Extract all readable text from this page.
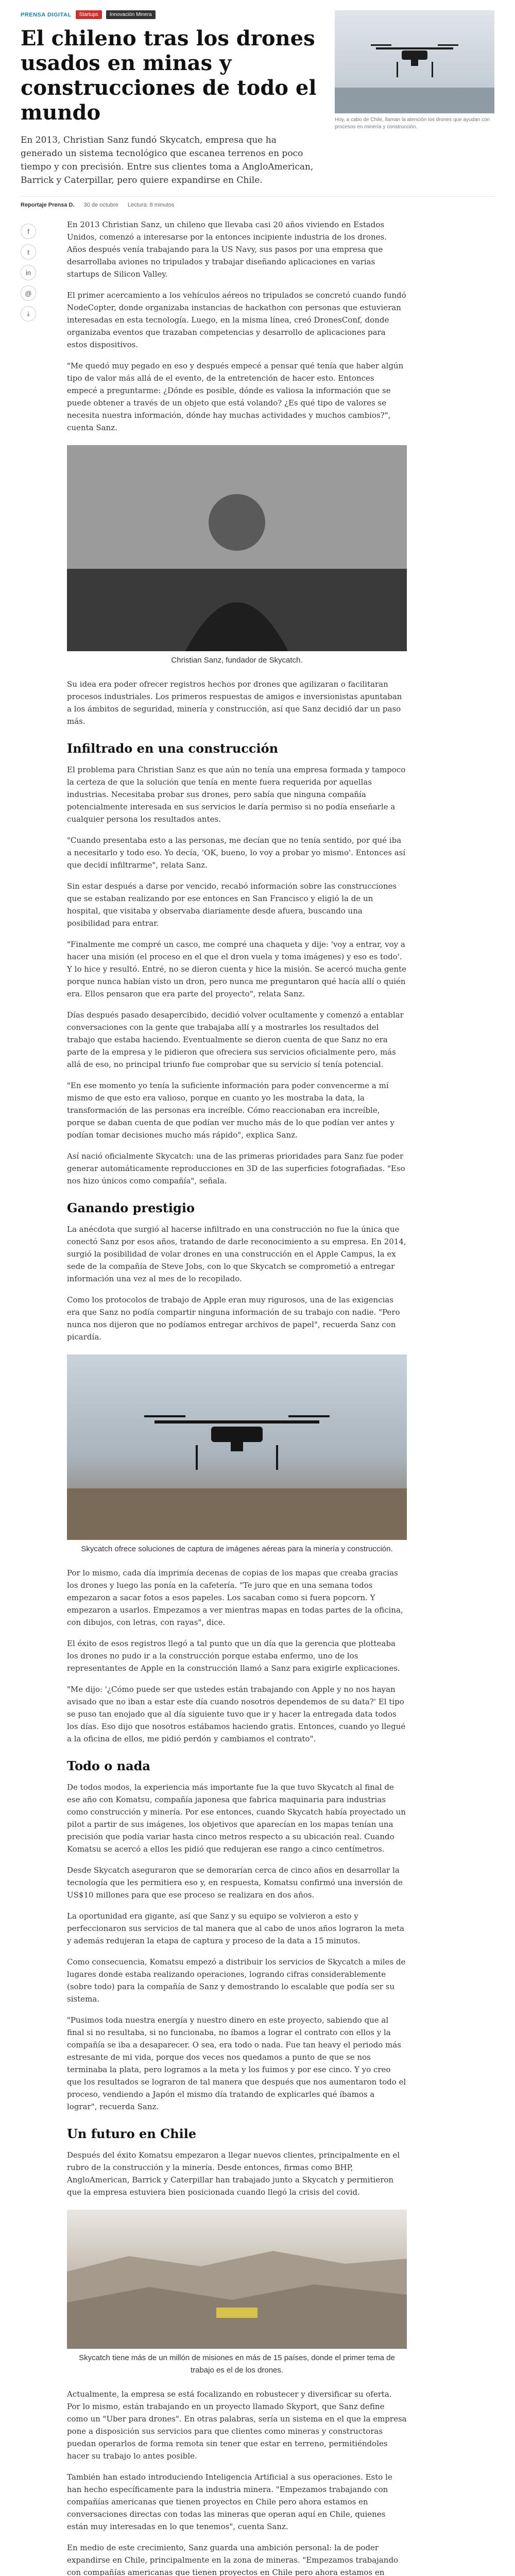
PRENSA DIGITAL	Startups	Innovación Minera
El chileno tras los drones usados en minas y construcciones de todo el mundo

En 2013, Christian Sanz fundó Skycatch, empresa que ha generado un sistema tecnológico que escanea terrenos en poco tiempo y con precisión. Entre sus clientes toma a AngloAmerican, Barrick y Caterpillar, pero quiere expandirse en Chile.

Hoy, a cabo de Chile, llaman la atención los drones que ayudan con procesos en minería y construcción.

Reportaje Prensa D. 30 de octubre Lectura: 8 minutos
f
t
in
@
⤓

En 2013 Christian Sanz, un chileno que llevaba casi 20 años viviendo en Estados Unidos, comenzó a interesarse por la entonces incipiente industria de los drones. Años después venía trabajando para la US Navy, sus pasos por una empresa que desarrollaba aviones no tripulados y trabajar diseñando aplicaciones en varias startups de Silicon Valley.

El primer acercamiento a los vehículos aéreos no tripulados se concretó cuando fundó NodeCopter, donde organizaba instancias de hackathon con personas que estuvieran interesadas en esta tecnología. Luego, en la misma línea, creó DronesConf, donde organizaba eventos que trazaban competencias y desarrollo de aplicaciones para estos dispositivos.

"Me quedó muy pegado en eso y después empecé a pensar qué tenía que haber algún tipo de valor más allá de el evento, de la entretención de hacer esto. Entonces empecé a preguntarme: ¿Dónde es posible, dónde es valiosa la información que se puede obtener a través de un objeto que está volando? ¿Es qué tipo de valores se necesita nuestra información, dónde hay muchas actividades y muchos cambios?", cuenta Sanz.

Christian Sanz, fundador de Skycatch.

Su idea era poder ofrecer registros hechos por drones que agilizaran o facilitaran procesos industriales. Los primeros respuestas de amigos e inversionistas apuntaban a los ámbitos de seguridad, minería y construcción, así que Sanz decidió dar un paso más.

Infiltrado en una construcción

El problema para Christian Sanz es que aún no tenía una empresa formada y tampoco la certeza de que la solución que tenía en mente fuera requerida por aquellas industrias. Necesitaba probar sus drones, pero sabía que ninguna compañía potencialmente interesada en sus servicios le daría permiso si no podía enseñarle a cualquier persona los resultados antes.

"Cuando presentaba esto a las personas, me decían que no tenía sentido, por qué iba a necesitarlo y todo eso. Yo decía, 'OK, bueno, lo voy a probar yo mismo'. Entonces así que decidí infiltrarme", relata Sanz.

Sin estar después a darse por vencido, recabó información sobre las construcciones que se estaban realizando por ese entonces en San Francisco y eligió la de un hospital, que visitaba y observaba diariamente desde afuera, buscando una posibilidad para entrar.

"Finalmente me compré un casco, me compré una chaqueta y dije: 'voy a entrar, voy a hacer una misión (el proceso en el que el dron vuela y toma imágenes) y eso es todo'. Y lo hice y resultó. Entré, no se dieron cuenta y hice la misión. Se acercó mucha gente porque nunca habían visto un dron, pero nunca me preguntaron qué hacía allí o quién era. Ellos pensaron que era parte del proyecto", relata Sanz.

Días después pasado desapercibido, decidió volver ocultamente y comenzó a entablar conversaciones con la gente que trabajaba allí y a mostrarles los resultados del trabajo que estaba haciendo. Eventualmente se dieron cuenta de que Sanz no era parte de la empresa y le pidieron que ofreciera sus servicios oficialmente pero, más allá de eso, no principal triunfo fue comprobar que su servicio sí tenía potencial.

"En ese momento yo tenía la suficiente información para poder convencerme a mí mismo de que esto era valioso, porque en cuanto yo les mostraba la data, la transformación de las personas era increíble. Cómo reaccionaban era increíble, porque se daban cuenta de que podían ver mucho más de lo que podían ver antes y podían tomar decisiones mucho más rápido", explica Sanz.

Así nació oficialmente Skycatch: una de las primeras prioridades para Sanz fue poder generar automáticamente reproducciones en 3D de las superficies fotografiadas. "Eso nos hizo únicos como compañía", señala.

Ganando prestigio

La anécdota que surgió al hacerse infiltrado en una construcción no fue la única que conectó Sanz por esos años, tratando de darle reconocimiento a su empresa. En 2014, surgió la posibilidad de volar drones en una construcción en el Apple Campus, la ex sede de la compañía de Steve Jobs, con lo que Skycatch se comprometió a entregar información una vez al mes de lo recopilado.

Como los protocolos de trabajo de Apple eran muy rigurosos, una de las exigencias era que Sanz no podía compartir ninguna información de su trabajo con nadie. "Pero nunca nos dijeron que no podíamos entregar archivos de papel", recuerda Sanz con picardía.

Skycatch ofrece soluciones de captura de imágenes aéreas para la minería y construcción.

Por lo mismo, cada día imprimía decenas de copias de los mapas que creaba gracias los drones y luego las ponía en la cafetería. "Te juro que en una semana todos empezaron a sacar fotos a esos papeles. Los sacaban como si fuera popcorn. Y empezaron a usarlos. Empezamos a ver mientras mapas en todas partes de la oficina, con dibujos, con letras, con rayas", dice.

El éxito de esos registros llegó a tal punto que un día que la gerencia que plotteaba los drones no pudo ir a la construcción porque estaba enfermo, uno de los representantes de Apple en la construcción llamó a Sanz para exigirle explicaciones.

"Me dijo: '¿Cómo puede ser que ustedes están trabajando con Apple y no nos hayan avisado que no iban a estar este día cuando nosotros dependemos de su data?' El tipo se puso tan enojado que al día siguiente tuvo que ir y hacer la entregada data todos los días. Eso dijo que nosotros estábamos haciendo gratis. Entonces, cuando yo llegué a la oficina de ellos, me pidió perdón y cambiamos el contrato".

Todo o nada

De todos modos, la experiencia más importante fue la que tuvo Skycatch al final de ese año con Komatsu, compañía japonesa que fabrica maquinaria para industrias como construcción y minería. Por ese entonces, cuando Skycatch había proyectado un pilot a partir de sus imágenes, los objetivos que aparecían en los mapas tenían una precisión que podía variar hasta cinco metros respecto a su ubicación real. Cuando Komatsu se acercó a ellos les pidió que redujeran ese rango a cinco centímetros.

Desde Skycatch aseguraron que se demorarían cerca de cinco años en desarrollar la tecnología que les permitiera eso y, en respuesta, Komatsu confirmó una inversión de US$10 millones para que ese proceso se realizara en dos años.

La oportunidad era gigante, así que Sanz y su equipo se volvieron a esto y perfeccionaron sus servicios de tal manera que al cabo de unos años lograron la meta y además redujeran la etapa de captura y proceso de la data a 15 minutos.

Como consecuencia, Komatsu empezó a distribuir los servicios de Skycatch a miles de lugares donde estaba realizando operaciones, logrando cifras considerablemente (sobre todo) para la compañía de Sanz y demostrando lo escalable que podía ser su sistema.

"Pusimos toda nuestra energía y nuestro dinero en este proyecto, sabiendo que al final si no resultaba, si no funcionaba, no íbamos a lograr el contrato con ellos y la compañía se iba a desaparecer. O sea, era todo o nada. Fue tan heavy el periodo más estresante de mi vida, porque dos veces nos quedamos a punto de que se nos terminaba la plata, pero logramos a la meta y los fuimos y por ese cinco. Y yo creo que los resultados se lograron de tal manera que después que nos aumentaron todo el proceso, vendiendo a Japón el mismo día tratando de explicarles qué íbamos a lograr", recuerda Sanz.

Un futuro en Chile

Después del éxito Komatsu empezaron a llegar nuevos clientes, principalmente en el rubro de la construcción y la minería. Desde entonces, firmas como BHP, AngloAmerican, Barrick y Caterpillar han trabajado junto a Skycatch y permitieron que la empresa estuviera bien posicionada cuando llegó la crisis del covid.

Skycatch tiene más de un millón de misiones en más de 15 países, donde el primer tema de trabajo es el de los drones.

Actualmente, la empresa se está focalizando en robustecer y diversificar su oferta. Por lo mismo, están trabajando en un proyecto llamado Skyport, que Sanz define como un "Uber para drones". En otras palabras, sería un sistema en el que la empresa pone a disposición sus servicios para que clientes como mineras y constructoras puedan operarlos de forma remota sin tener que estar en terreno, permitiéndoles hacer su trabajo lo antes posible.

También han estado introduciendo Inteligencia Artificial a sus operaciones. Esto le han hecho específicamente para la industria minera. "Empezamos trabajando con compañías americanas que tienen proyectos en Chile pero ahora estamos en conversaciones directas con todas las mineras que operan aquí en Chile, quienes están muy interesadas en lo que tenemos", cuenta Sanz.

En medio de este crecimiento, Sanz guarda una ambición personal: la de poder expandirse en Chile, principalmente en la zona de mineras. "Empezamos trabajando con compañías americanas que tienen proyectos en Chile pero ahora estamos en
